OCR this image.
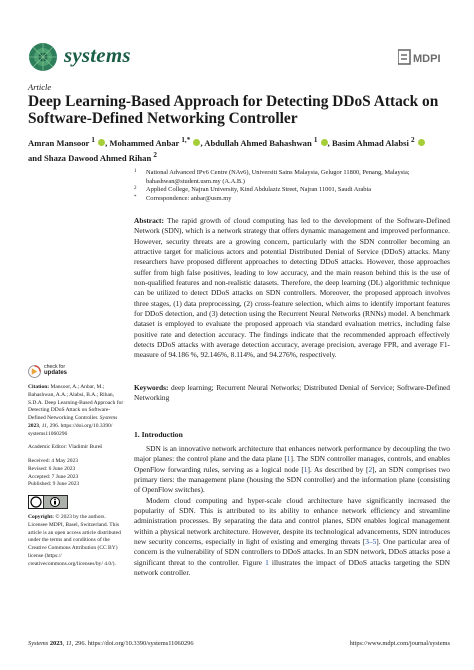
systems	MDPI
Article
Deep Learning-Based Approach for Detecting DDoS Attack on Software-Defined Networking Controller
Amran Mansoor $^1$ , Mohammed Anbar $^{1,*}$ , Abdullah Ahmed Bahashwan $^1$ , Basim Ahmad Alabsi $^2$
and Shaza Dawood Ahmed Rihan $^2$
1 National Advanced IPv6 Centre (NAv6), Universiti Sains Malaysia, Gelugor 11800, Penang, Malaysia;
bahashwan@student.usm.my (A.A.B.)
2 Applied College, Najran University, Kind Abdulaziz Street, Najran 11001, Saudi Arabia
* Correspondence: anbar@usm.my
Abstract: The rapid growth of cloud computing has led to the development of the Software-Defined Network (SDN), which is a network strategy that offers dynamic management and improved performance. However, security threats are a growing concern, particularly with the SDN controller becoming an attractive target for malicious actors and potential Distributed Denial of Service (DDoS) attacks. Many researchers have proposed different approaches to detecting DDoS attacks. However, those approaches suffer from high false positives, leading to low accuracy, and the main reason behind this is the use of non-qualified features and non-realistic datasets. Therefore, the deep learning (DL) algorithmic technique can be utilized to detect DDoS attacks on SDN controllers. Moreover, the proposed approach involves three stages, (1) data preprocessing, (2) cross-feature selection, which aims to identify important features for DDoS detection, and (3) detection using the Recurrent Neural Networks (RNNs) model. A benchmark dataset is employed to evaluate the proposed approach via standard evaluation metrics, including false positive rate and detection accuracy. The findings indicate that the recommended approach effectively detects DDoS attacks with average detection accuracy, average precision, average FPR, and average F1-measure of 94.186 %, 92.146%, 8.114%, and 94.276%, respectively.
Keywords: deep learning; Recurrent Neural Networks; Distributed Denial of Service; Software-Defined Networking
check for
updates
Citation: Mansoor, A.; Anbar, M.; Bahashwan, A.A.; Alabsi, B.A.; Rihan, S.D.A. Deep Learning-Based Approach for Detecting DDoS Attack on Software-Defined Networking Controller. Systems 2023, 11, 296. https://doi.org/10.3390/ systems11060296
Academic Editor: Vladimir Bureš
Received: 4 May 2023
Revised: 6 June 2023
Accepted: 7 June 2023
Published: 9 June 2023
Copyright: © 2023 by the authors. Licensee MDPI, Basel, Switzerland. This article is an open access article distributed under the terms and conditions of the Creative Commons Attribution (CC BY) license (https:// creativecommons.org/licenses/by/ 4.0/).
1. Introduction

SDN is an innovative network architecture that enhances network performance by decoupling the two major planes: the control plane and the data plane [1]. The SDN controller manages, controls, and enables OpenFlow forwarding rules, serving as a logical node [1]. As described by [2], an SDN comprises two primary tiers: the management plane (housing the SDN controller) and the information plane (consisting of OpenFlow switches).

Modern cloud computing and hyper-scale cloud architecture have significantly increased the popularity of SDN. This is attributed to its ability to enhance network efficiency and streamline administration processes. By separating the data and control planes, SDN enables logical management within a physical network architecture. However, despite its technological advancements, SDN introduces new security concerns, especially in light of existing and emerging threats [3–5]. One particular area of concern is the vulnerability of SDN controllers to DDoS attacks. In an SDN network, DDoS attacks pose a significant threat to the controller. Figure 1 illustrates the impact of DDoS attacks targeting the SDN network controller.

Systems 2023, 11, 296. https://doi.org/10.3390/systems11060296	https://www.mdpi.com/journal/systems
